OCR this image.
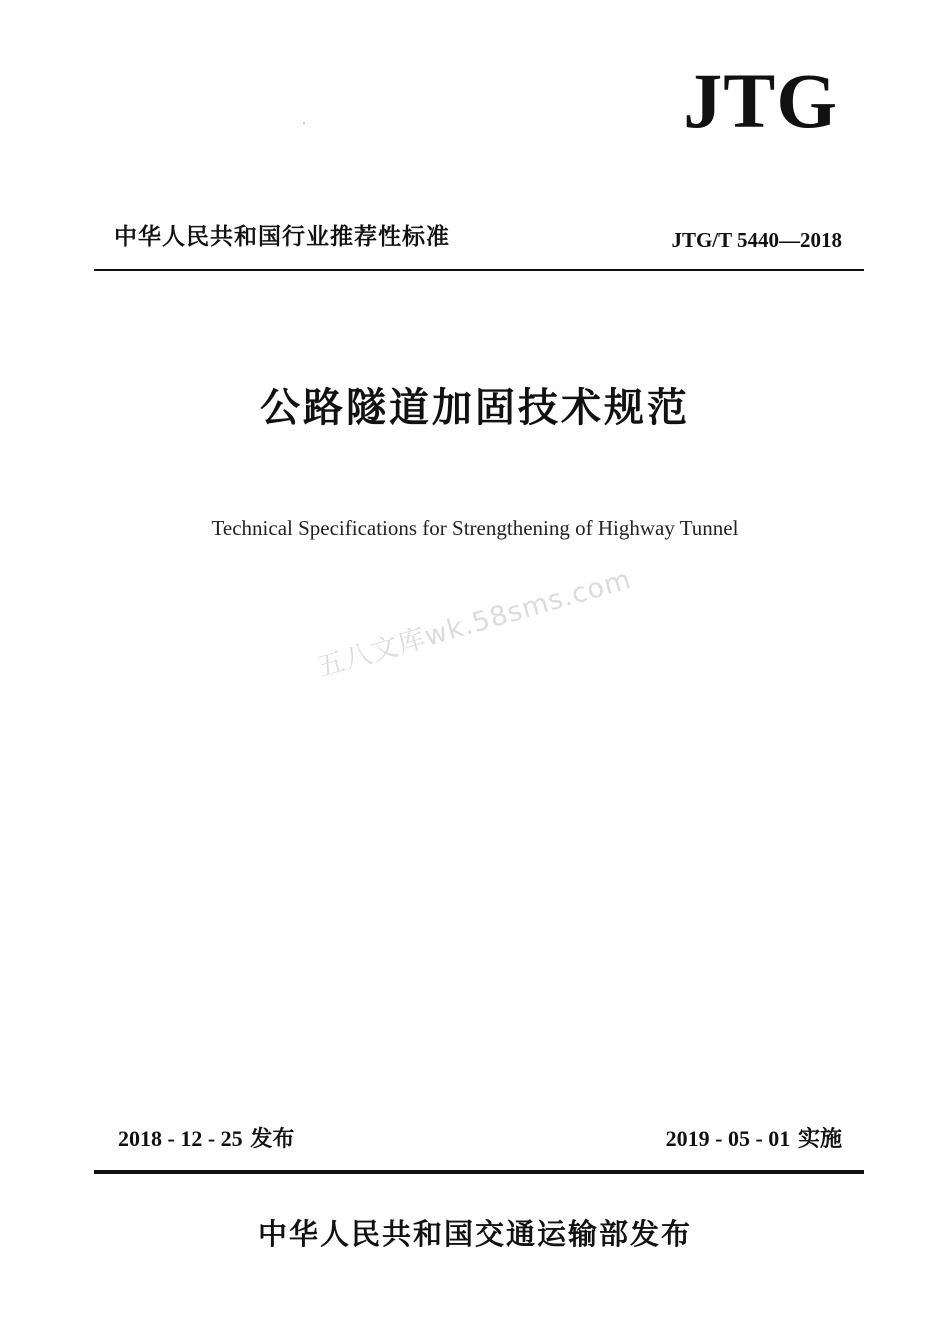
JTG
中华人民共和国行业推荐性标准	JTG/T 5440—2018
公路隧道加固技术规范
Technical Specifications for Strengthening of Highway Tunnel
五八文库wk.58sms.com
2018 - 12 - 25 发布	2019 - 05 - 01 实施
中华人民共和国交通运输部发布
